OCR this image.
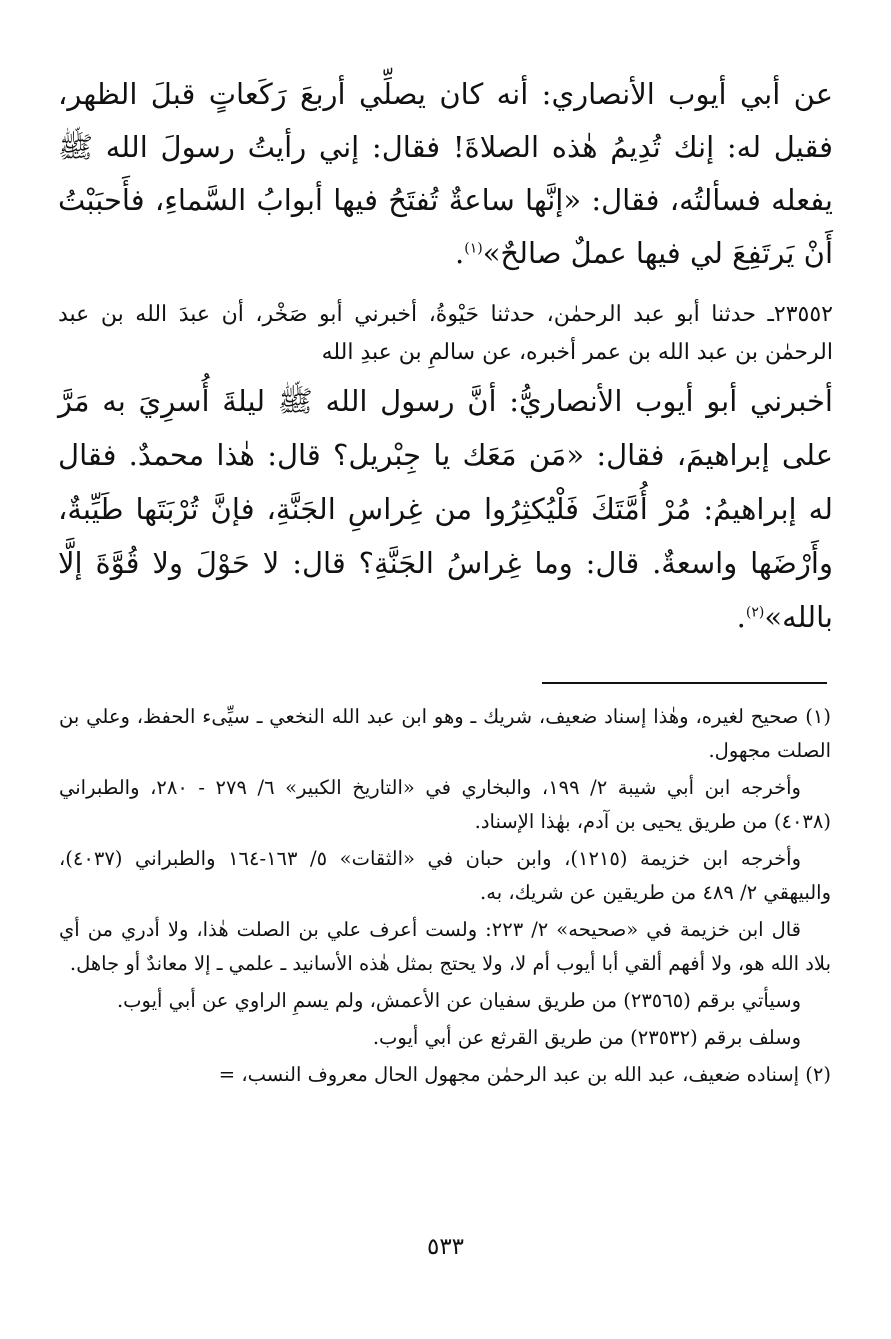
عن أبي أيوب الأنصاري: أنه كان يصلِّي أربعَ رَكَعاتٍ قبلَ الظهر، فقيل له: إنك تُدِيمُ هٰذه الصلاةَ! فقال: إني رأيتُ رسولَ الله ﷺ يفعله فسألتُه، فقال: «إنَّها ساعةٌ تُفتَحُ فيها أبوابُ السَّماءِ، فأَحبَبْتُ أَنْ يَرتَفِعَ لي فيها عملٌ صالحٌ»$^{(١)}$.

٢٣٥٥٢ـ حدثنا أبو عبد الرحمٰن، حدثنا حَيْوةُ، أخبرني أبو صَخْر، أن عبدَ الله بن عبد الرحمٰن بن عبد الله بن عمر أخبره، عن سالمِ بن عبدِ الله

أخبرني أبو أيوب الأنصاريُّ: أنَّ رسول الله ﷺ ليلةَ أُسرِيَ به مَرَّ على إبراهيمَ، فقال: «مَن مَعَك يا جِبْريل؟ قال: هٰذا محمدٌ. فقال له إبراهيمُ: مُرْ أُمَّتَكَ فَلْيُكثِرُوا من غِراسِ الجَنَّةِ، فإنَّ تُرْبَتَها طَيِّبةٌ، وأَرْضَها واسعةٌ. قال: وما غِراسُ الجَنَّةِ؟ قال: لا حَوْلَ ولا قُوَّةَ إلَّا بالله»$^{(٢)}$.

(١) صحيح لغيره، وهٰذا إسناد ضعيف، شريك ـ وهو ابن عبد الله النخعي ـ سيِّىء الحفظ، وعلي بن الصلت مجهول.

وأخرجه ابن أبي شيبة ٢/ ١٩٩، والبخاري في «التاريخ الكبير» ٦/ ٢٧٩ - ٢٨٠، والطبراني (٤٠٣٨) من طريق يحيى بن آدم، بهٰذا الإسناد.

وأخرجه ابن خزيمة (١٢١٥)، وابن حبان في «الثقات» ٥/ ١٦٣-١٦٤ والطبراني (٤٠٣٧)، والبيهقي ٢/ ٤٨٩ من طريقين عن شريك، به.

قال ابن خزيمة في «صحيحه» ٢/ ٢٢٣: ولست أعرف علي بن الصلت هٰذا، ولا أدري من أي بلاد الله هو، ولا أفهم ألقي أبا أيوب أم لا، ولا يحتج بمثل هٰذه الأسانيد ـ علمي ـ إلا معاندٌ أو جاهل.

وسيأتي برقم (٢٣٥٦٥) من طريق سفيان عن الأعمش، ولم يسمِ الراوي عن أبي أيوب.

وسلف برقم (٢٣٥٣٢) من طريق القرثع عن أبي أيوب.

(٢) إسناده ضعيف، عبد الله بن عبد الرحمٰن مجهول الحال معروف النسب، =

٥٣٣
